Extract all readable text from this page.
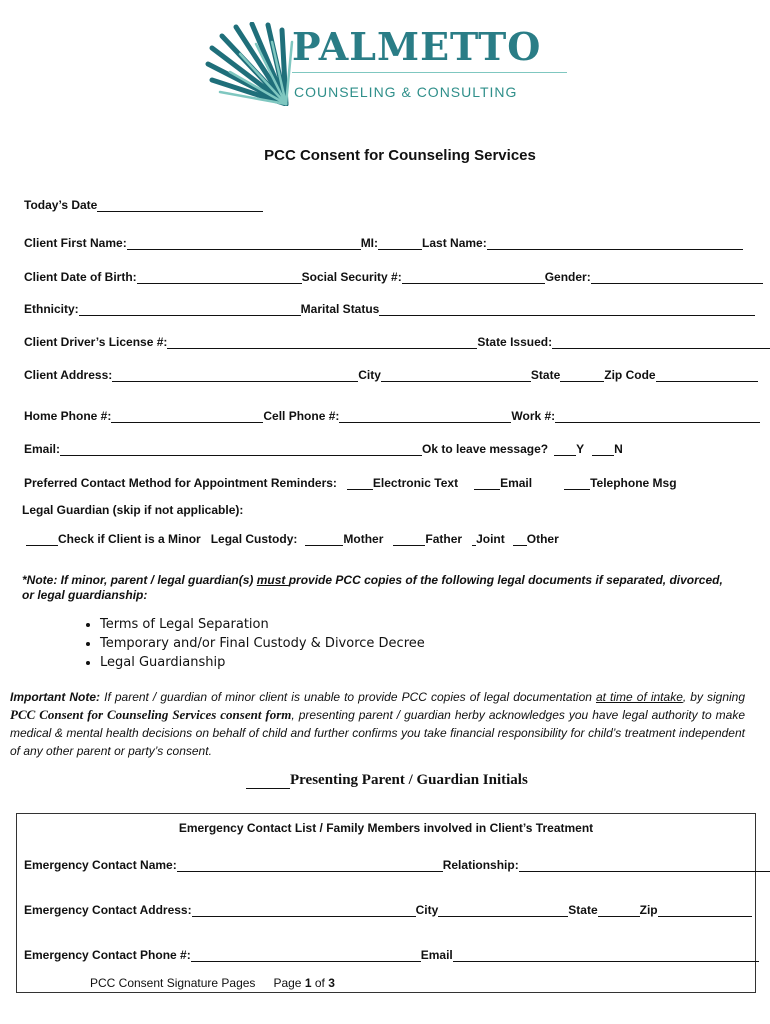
PALMETTO
COUNSELING & CONSULTING
PCC Consent for Counseling Services
Today’s Date
Client First Name:	MI:	Last Name:
Client Date of Birth:	Social Security #:	Gender:
Ethnicity:	Marital Status
Client Driver’s License #:	State Issued:
Client Address:	City	State	Zip Code
Home Phone #:	Cell Phone #:	Work #:
Email:	Ok to leave message? Y	N
Preferred Contact Method for Appointment Reminders:	Electronic Text	Email	Telephone Msg
Legal Guardian (skip if not applicable):
Check if Client is a Minor Legal Custody:	Mother	Father Joint Other
*Note: If minor, parent / legal guardian(s) must provide PCC copies of the following legal documents if separated, divorced,
or legal guardianship:
• Terms of Legal Separation
• Temporary and/or Final Custody & Divorce Decree
• Legal Guardianship
Important Note: If parent / guardian of minor client is unable to provide PCC copies of legal documentation at time of intake, by signing PCC Consent for Counseling Services consent form, presenting parent / guardian herby acknowledges you have legal authority to make medical & mental health decisions on behalf of child and further confirms you take financial responsibility for child’s treatment independent of any other parent or party’s consent.
Presenting Parent / Guardian Initials
Emergency Contact List / Family Members involved in Client’s Treatment
Emergency Contact Name:	Relationship:
Emergency Contact Address:	City	State	Zip
Emergency Contact Phone #:	Email
PCC Consent Signature Pages Page 1 of 3
